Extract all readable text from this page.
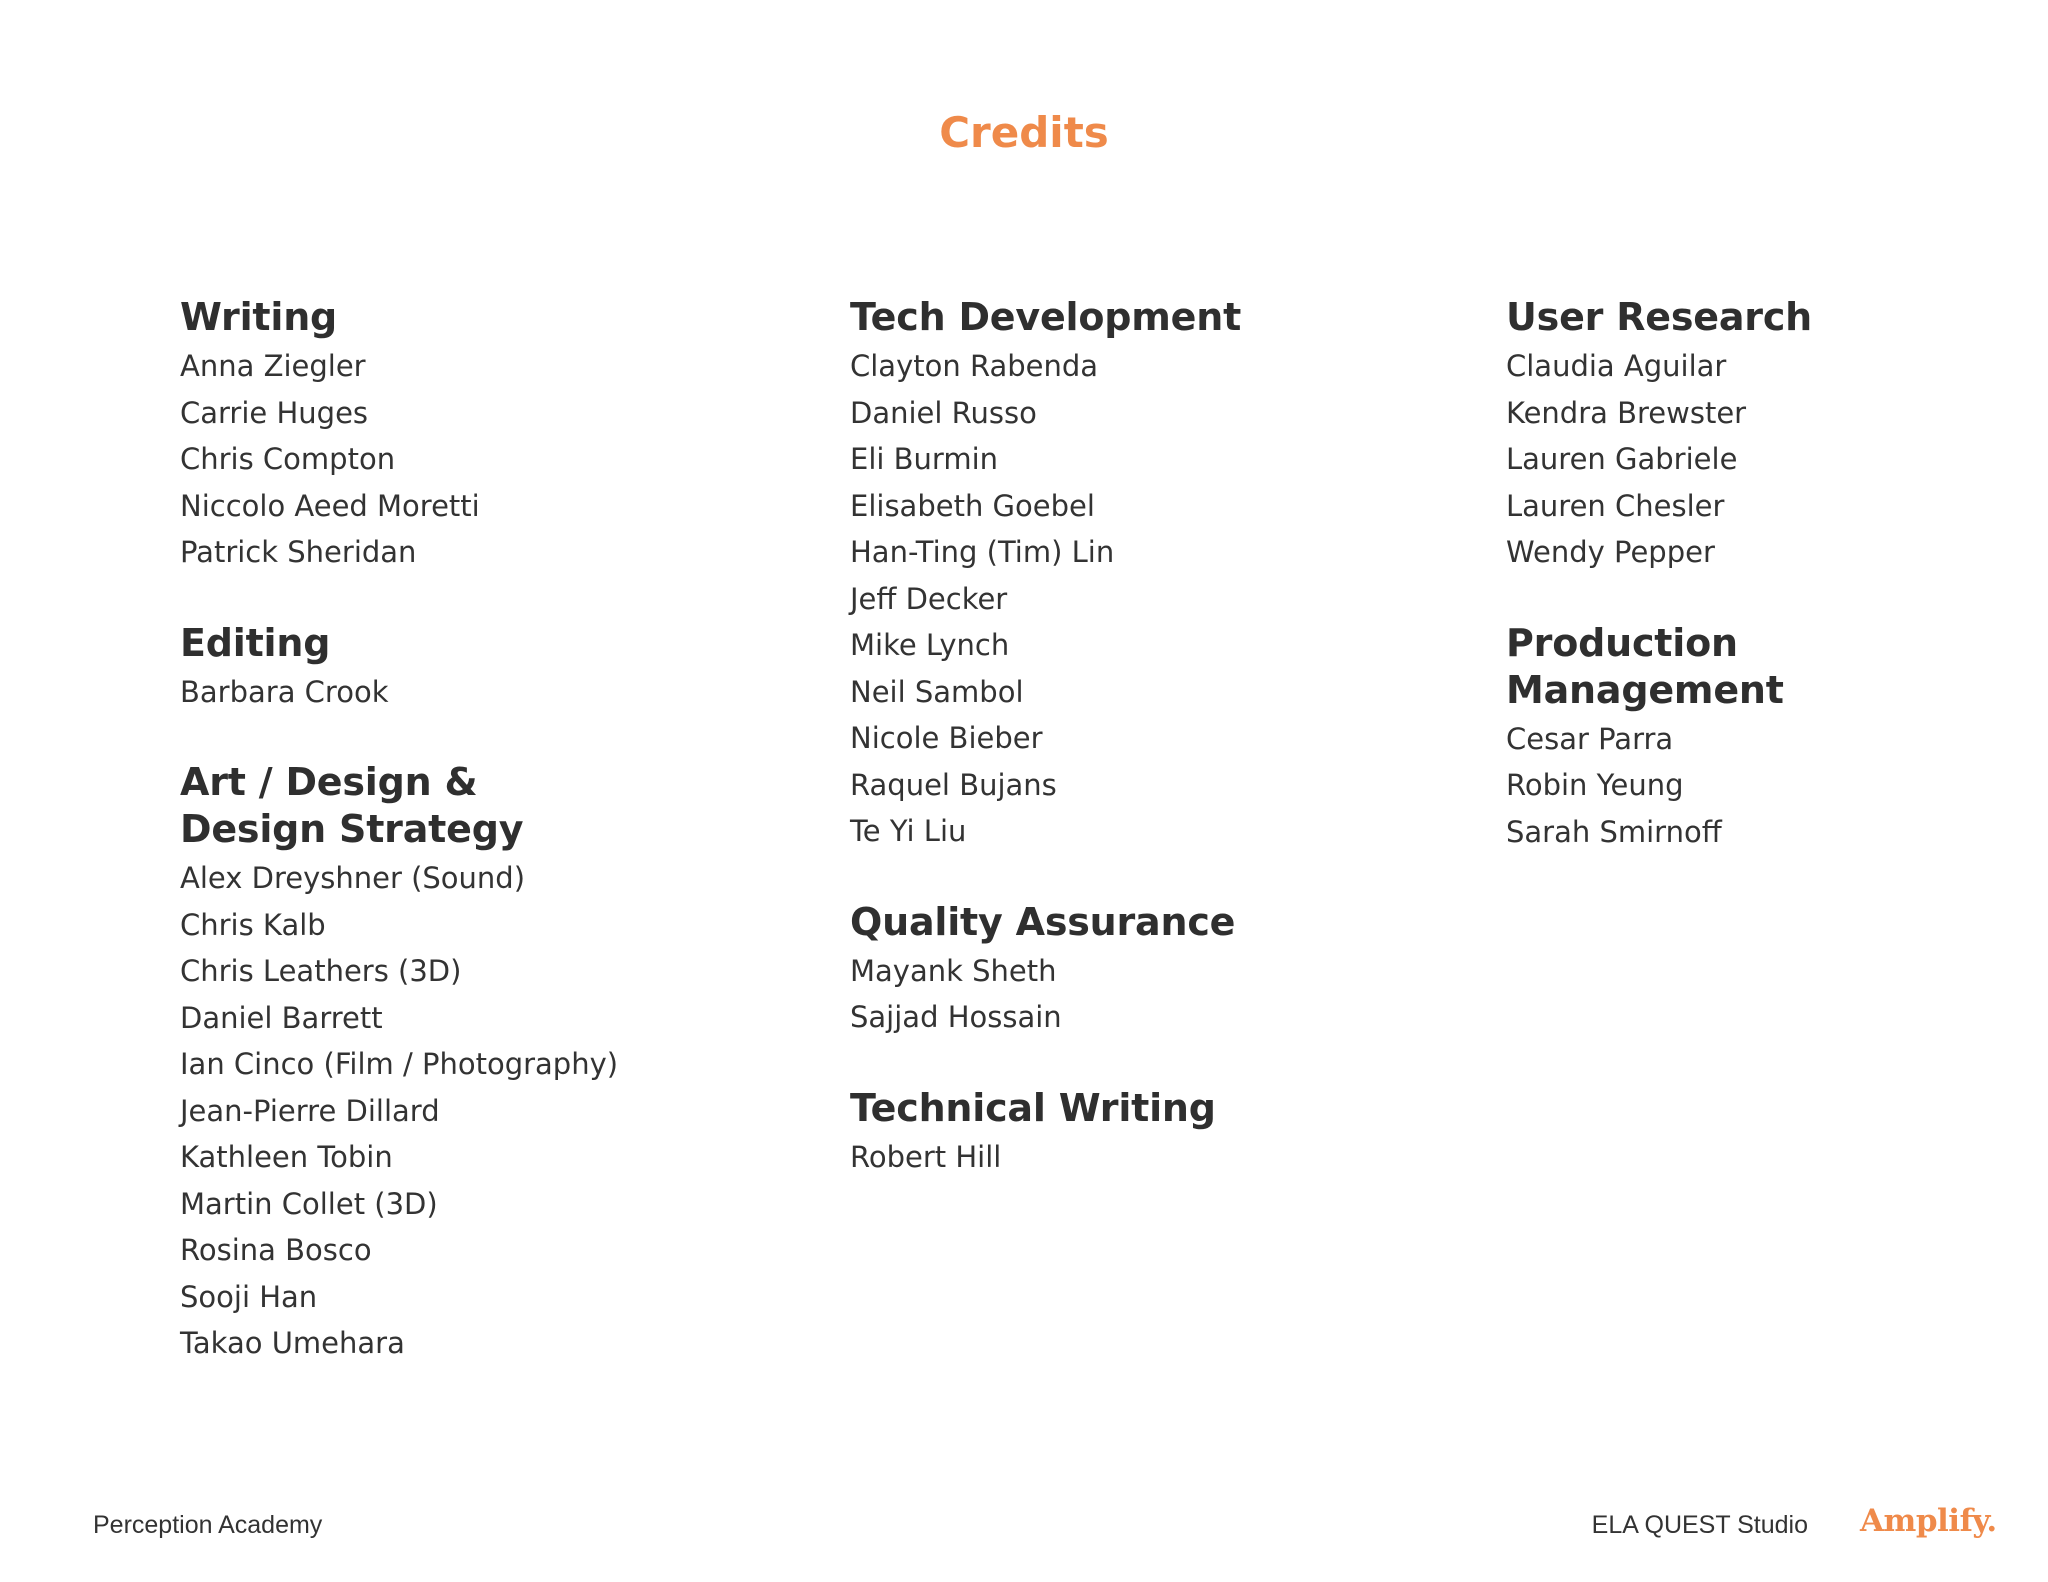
Credits
Writing
Anna Ziegler
Carrie Huges
Chris Compton
Niccolo Aeed Moretti
Patrick Sheridan
Editing
Barbara Crook
Art / Design &
Design Strategy
Alex Dreyshner (Sound)
Chris Kalb
Chris Leathers (3D)
Daniel Barrett
Ian Cinco (Film / Photography)
Jean-Pierre Dillard
Kathleen Tobin
Martin Collet (3D)
Rosina Bosco
Sooji Han
Takao Umehara
Tech Development
Clayton Rabenda
Daniel Russo
Eli Burmin
Elisabeth Goebel
Han-Ting (Tim) Lin
Jeff Decker
Mike Lynch
Neil Sambol
Nicole Bieber
Raquel Bujans
Te Yi Liu
Quality Assurance
Mayank Sheth
Sajjad Hossain
Technical Writing
Robert Hill
User Research
Claudia Aguilar
Kendra Brewster
Lauren Gabriele
Lauren Chesler
Wendy Pepper
Production
Management
Cesar Parra
Robin Yeung
Sarah Smirnoff
Perception Academy	ELA QUEST Studio Amplify.
